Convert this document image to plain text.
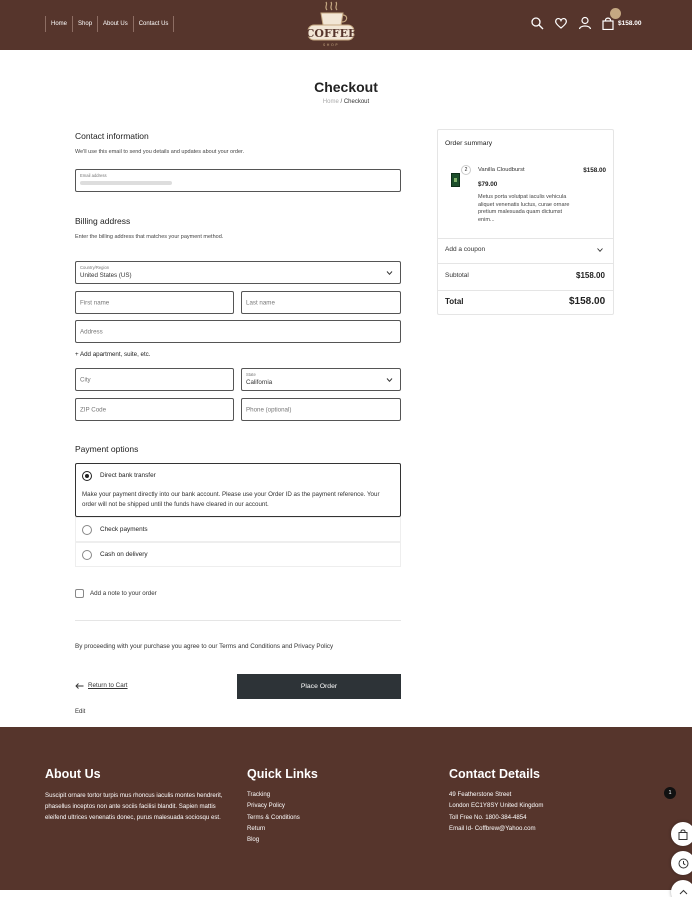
Home	Shop	About Us	Contact Us
COFFEE
SHOP
$158.00
Checkout
Home / Checkout
Contact information
We'll use this email to send you details and updates about your order.
Email address
Billing address
Enter the billing address that matches your payment method.
Country/Region
United States (US)
First name	Last name
Address
+ Add apartment, suite, etc.
City
State
California
ZIP Code	Phone (optional)
Payment options
Direct bank transfer
Make your payment directly into our bank account. Please use your Order ID as the payment reference. Your order will not be shipped until the funds have cleared in our account.
Check payments
Cash on delivery
Add a note to your order
By proceeding with your purchase you agree to our Terms and Conditions and Privacy Policy
Return to Cart	Place Order
Edit
Order summary
2	Vanilla Cloudburst	$158.00
$79.00
Metus porta volutpat iaculis vehicula aliquet venenatis luctus, curae ornare pretium malesuada quam dictumst enim...
Add a coupon
Subtotal	$158.00
Total	$158.00
About Us
Suscipit ornare tortor turpis mus rhoncus iaculis montes hendrerit, phasellus inceptos non ante sociis facilisi blandit. Sapien mattis eleifend ultrices venenatis donec, purus malesuada sociosqu est.
Quick Links
Tracking
Privacy Policy
Terms & Conditions
Return
Blog
Contact Details
49 Featherstone Street
London EC1Y8SY United Kingdom
Toll Free No. 1800-384-4854
Email Id- Coffbrew@Yahoo.com
1
